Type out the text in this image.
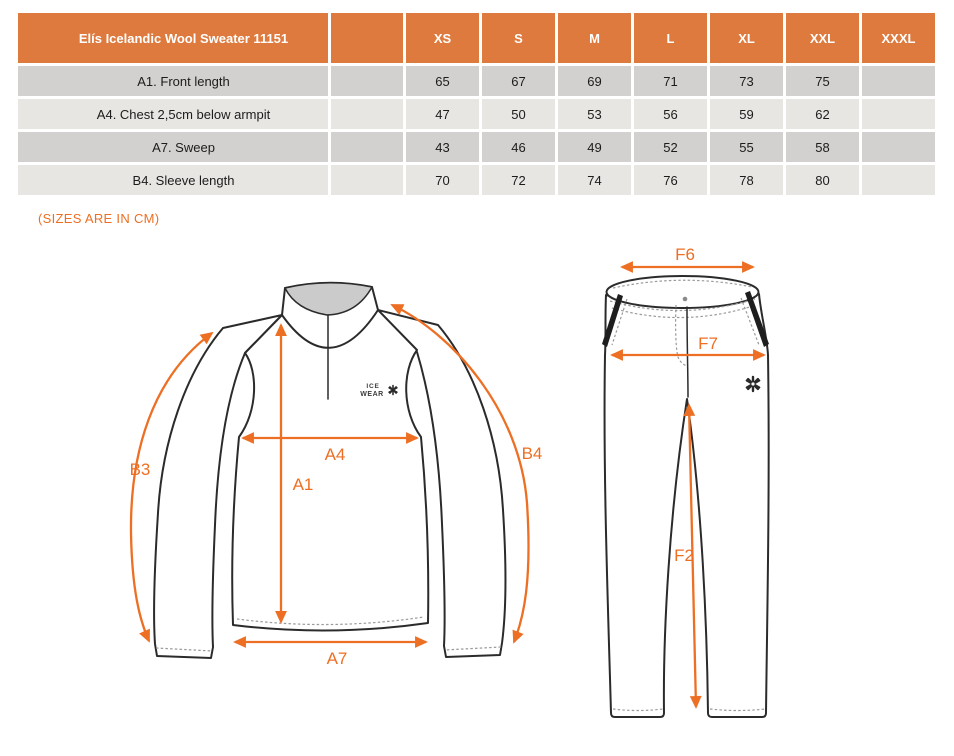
Elís Icelandic Wool Sweater 11151		XS	S	M	L	XL	XXL	XXXL
A1. Front length		65	67	69	71	73	75	
A4. Chest 2,5cm below armpit		47	50	53	56	59	62	
A7. Sweep		43	46	49	52	55	58	
B4. Sleeve length		70	72	74	76	78	80	
(SIZES ARE IN CM)
ICE
WEAR
B3
A4
A1
B4
A7
F6
F7
F2
